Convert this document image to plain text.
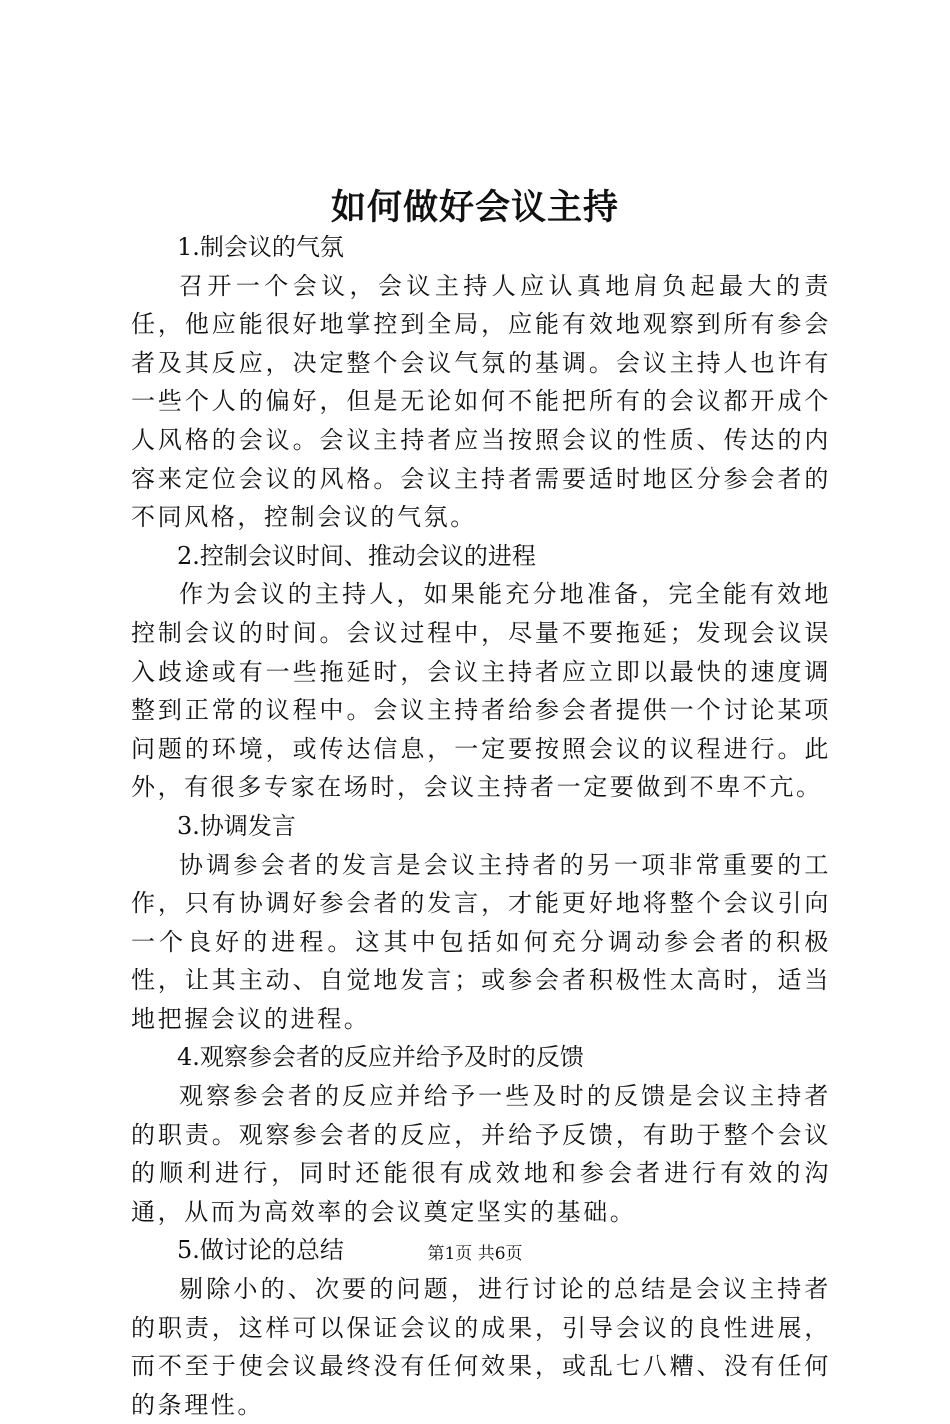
如何做好会议主持

1.制会议的气氛

召开一个会议，会议主持人应认真地肩负起最大的责任，他应能很好地掌控到全局，应能有效地观察到所有参会者及其反应，决定整个会议气氛的基调。会议主持人也许有一些个人的偏好，但是无论如何不能把所有的会议都开成个人风格的会议。会议主持者应当按照会议的性质、传达的内容来定位会议的风格。会议主持者需要适时地区分参会者的不同风格，控制会议的气氛。

2.控制会议时间、推动会议的进程

作为会议的主持人，如果能充分地准备，完全能有效地控制会议的时间。会议过程中，尽量不要拖延；发现会议误入歧途或有一些拖延时，会议主持者应立即以最快的速度调整到正常的议程中。会议主持者给参会者提供一个讨论某项问题的环境，或传达信息，一定要按照会议的议程进行。此外，有很多专家在场时，会议主持者一定要做到不卑不亢。

3.协调发言

协调参会者的发言是会议主持者的另一项非常重要的工作，只有协调好参会者的发言，才能更好地将整个会议引向一个良好的进程。这其中包括如何充分调动参会者的积极性，让其主动、自觉地发言；或参会者积极性太高时，适当地把握会议的进程。

4.观察参会者的反应并给予及时的反馈

观察参会者的反应并给予一些及时的反馈是会议主持者的职责。观察参会者的反应，并给予反馈，有助于整个会议的顺利进行，同时还能很有成效地和参会者进行有效的沟通，从而为高效率的会议奠定坚实的基础。

5.做讨论的总结

剔除小的、次要的问题，进行讨论的总结是会议主持者的职责，这样可以保证会议的成果，引导会议的良性进展，而不至于使会议最终没有任何效果，或乱七八糟、没有任何的条理性。

第1页 共6页
